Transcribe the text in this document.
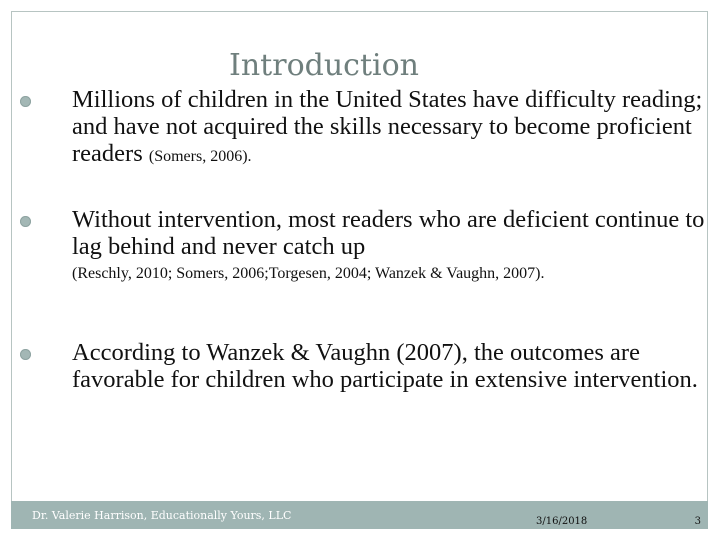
Introduction
Millions of children in the United States have difficulty reading; and have not acquired the skills necessary to become proficient readers (Somers, 2006).
Without intervention, most readers who are deficient continue to lag behind and never catch up
(Reschly, 2010; Somers, 2006;Torgesen, 2004; Wanzek & Vaughn, 2007).
According to Wanzek & Vaughn (2007), the outcomes are favorable for children who participate in extensive intervention.
Dr. Valerie Harrison, Educationally Yours, LLC	3/16/2018	3
